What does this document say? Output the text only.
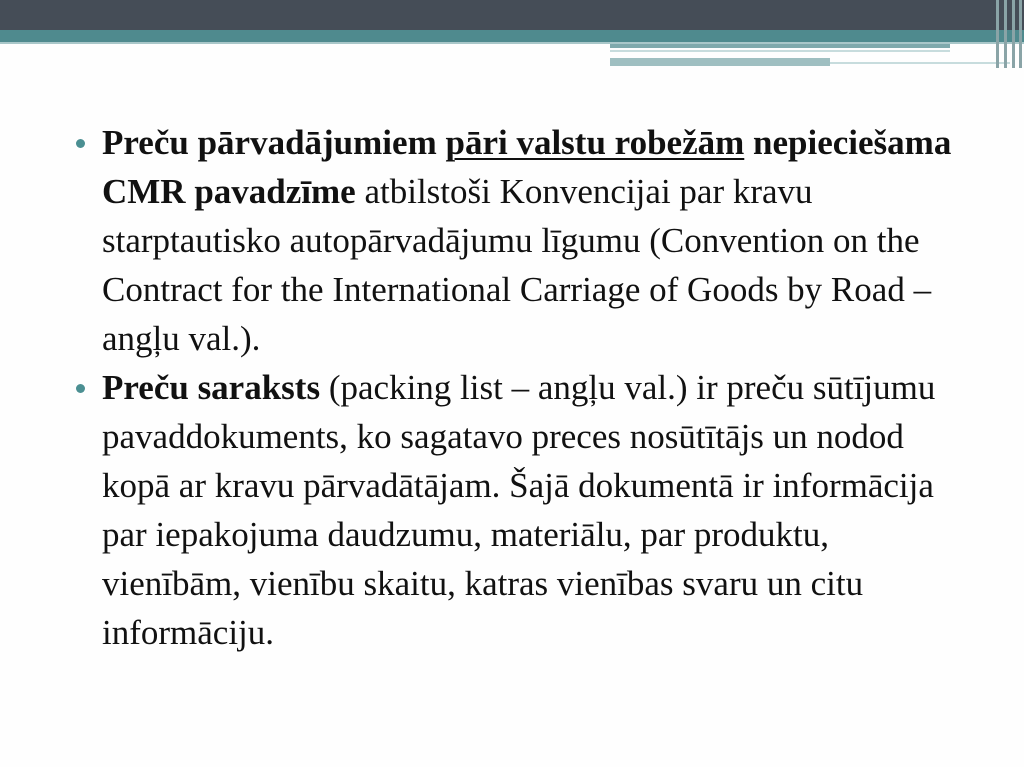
Preču pārvadājumiem pāri valstu robežām nepieciešama CMR pavadzīme atbilstoši Konvencijai par kravu starptautisko autopārvadājumu līgumu (Convention on the Contract for the International Carriage of Goods by Road – angļu val.).
Preču saraksts (packing list – angļu val.) ir preču sūtījumu pavaddokuments, ko sagatavo preces nosūtītājs un nodod kopā ar kravu pārvadātājam. Šajā dokumentā ir informācija par iepakojuma daudzumu, materiālu, par produktu, vienībām, vienību skaitu, katras vienības svaru un citu informāciju.
